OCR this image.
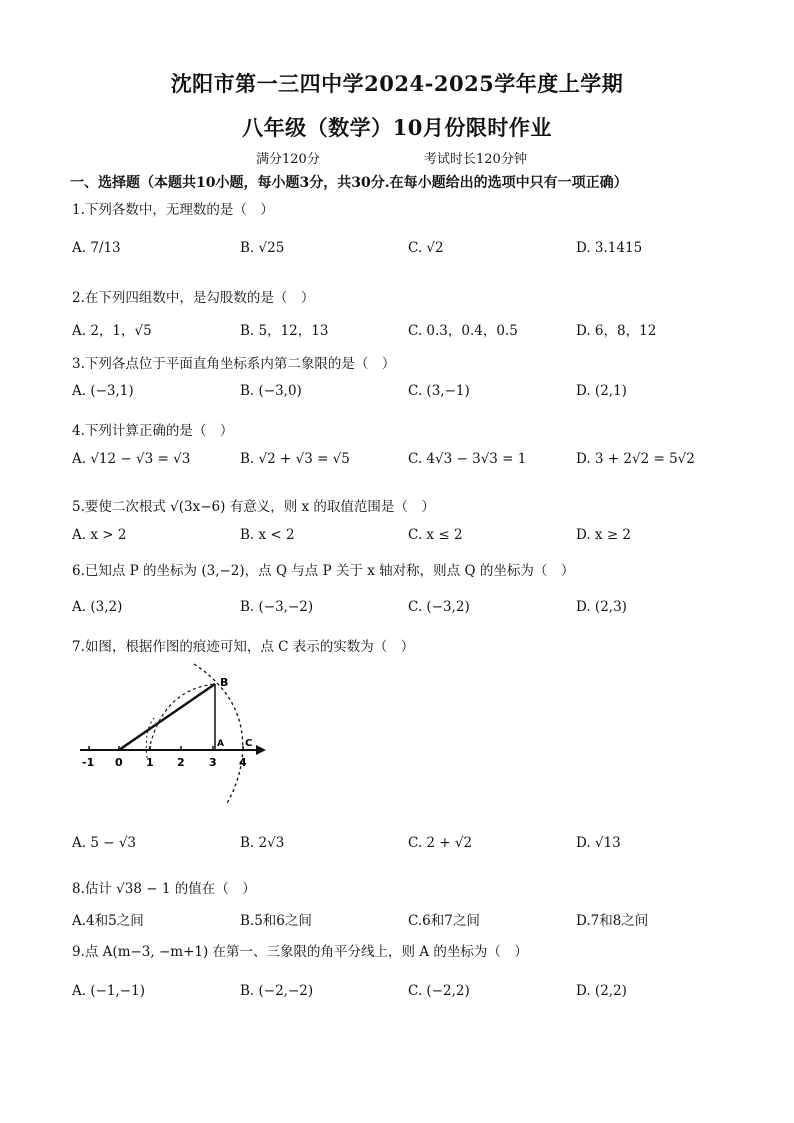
沈阳市第一三四中学2024-2025学年度上学期
八年级（数学）10月份限时作业
满分120分	考试时长120分钟
一、选择题（本题共10小题，每小题3分，共30分.在每小题给出的选项中只有一项正确）
1.下列各数中，无理数的是（　）
A. 7/13	B. √25	C. √2	D. 3.1415
2.在下列四组数中，是勾股数的是（　）
A. 2，1，√5	B. 5，12，13	C. 0.3，0.4，0.5	D. 6，8，12
3.下列各点位于平面直角坐标系内第二象限的是（　）
A. (−3,1)	B. (−3,0)	C. (3,−1)	D. (2,1)
4.下列计算正确的是（　）
A. √12 − √3 = √3	B. √2 + √3 = √5	C. 4√3 − 3√3 = 1	D. 3 + 2√2 = 5√2
5.要使二次根式 √(3x−6) 有意义，则 x 的取值范围是（　）
A. x > 2	B. x < 2	C. x ≤ 2	D. x ≥ 2
6.已知点 P 的坐标为 (3,−2)，点 Q 与点 P 关于 x 轴对称，则点 Q 的坐标为（　）
A. (3,2)	B. (−3,−2)	C. (−3,2)	D. (2,3)
7.如图，根据作图的痕迹可知，点 C 表示的实数为（　）
B
A C
-1 0 1 2 3 4
A. 5 − √3	B. 2√3	C. 2 + √2	D. √13
8.估计 √38 − 1 的值在（　）
A.4和5之间	B.5和6之间	C.6和7之间	D.7和8之间
9.点 A(m−3, −m+1) 在第一、三象限的角平分线上，则 A 的坐标为（　）
A. (−1,−1)	B. (−2,−2)	C. (−2,2)	D. (2,2)
